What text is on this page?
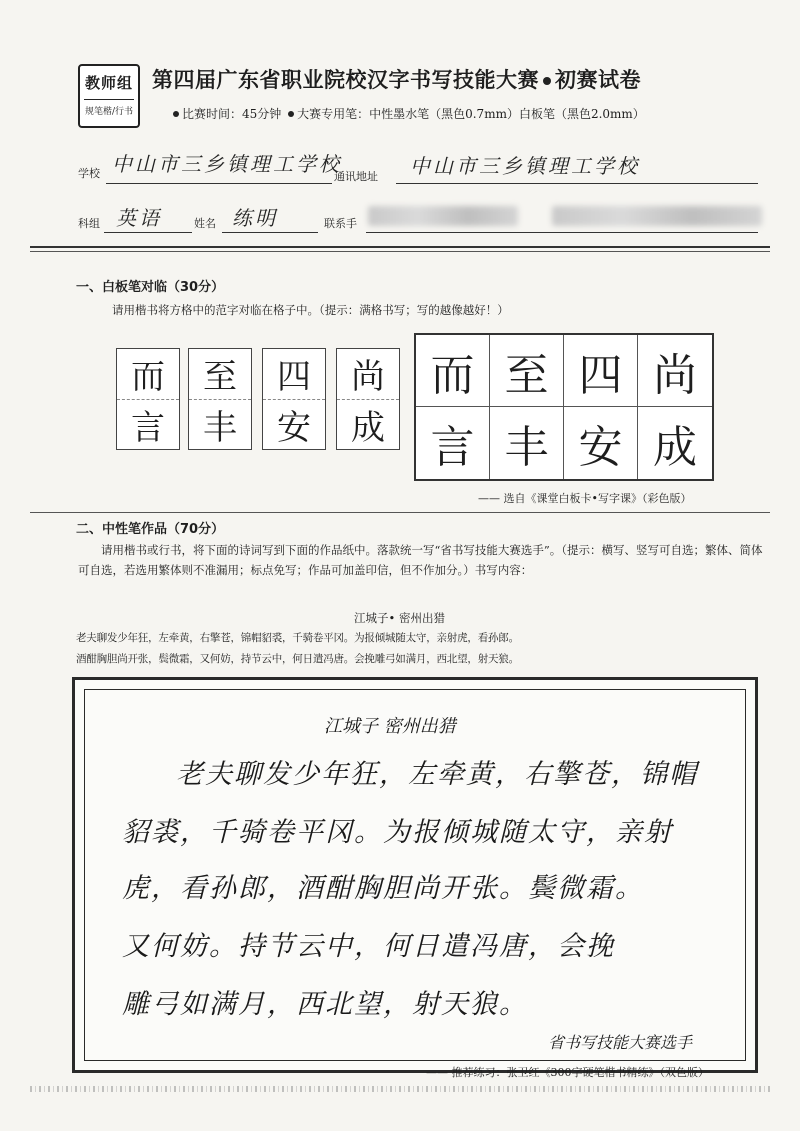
教师组
规笔楷/行书
第四届广东省职业院校汉字书写技能大赛 初赛试卷
比赛时间：45分钟 大赛专用笔：中性墨水笔（黑色0.7mm）白板笔（黑色2.0mm）
学校 中山市三乡镇理工学校
通讯地址 中山市三乡镇理工学校
科组 英语	姓名 练明	联系手
一、白板笔对临（30分）
请用楷书将方格中的范字对临在格子中。（提示：满格书写；写的越像越好！）
而
言
至
丰
四
安
尚
成
而 至 四 尚
言 丰 安 成
—— 选自《课堂白板卡•写字课》（彩色版）
二、中性笔作品（70分）
请用楷书或行书，将下面的诗词写到下面的作品纸中。落款统一写“省书写技能大赛选手”。（提示：横写、竖写可自选；繁体、简体可自选，若选用繁体则不准漏用；标点免写；作品可加盖印信，但不作加分。）书写内容：
江城子• 密州出猎
老夫聊发少年狂，左牵黄，右擎苍，锦帽貂裘，千骑卷平冈。为报倾城随太守，亲射虎，看孙郎。
酒酣胸胆尚开张，鬓微霜，又何妨，持节云中，何日遣冯唐。会挽雕弓如满月，西北望，射天狼。
江城子 密州出猎
老夫聊发少年狂，左牵黄，右擎苍，锦帽
貂裘，千骑卷平冈。为报倾城随太守，亲射
虎，看孙郎，酒酣胸胆尚开张。鬓微霜。
又何妨。持节云中，何日遣冯唐，会挽
雕弓如满月，西北望，射天狼。
省书写技能大赛选手
—— 推荐练习：张卫红《300字硬笔楷书精练》（双色版）
